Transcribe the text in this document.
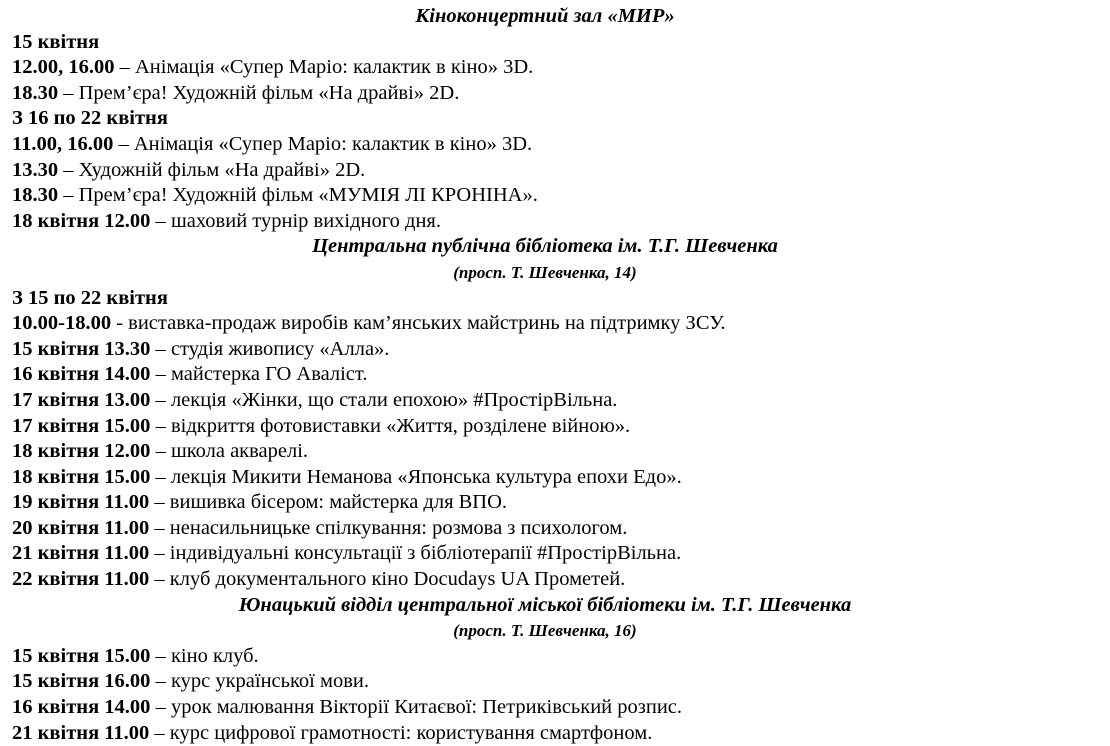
Кіноконцертний зал «МИР»
15 квітня
12.00, 16.00 – Анімація «Супер Маріо: калактик в кіно» 3D.
18.30 – Прем’єра! Художній фільм «На драйві» 2D.
З 16 по 22 квітня
11.00, 16.00 – Анімація «Супер Маріо: калактик в кіно» 3D.
13.30 – Художній фільм «На драйві» 2D.
18.30 – Прем’єра! Художній фільм «МУМІЯ ЛІ КРОНІНА».
18 квітня 12.00 – шаховий турнір вихідного дня.
Центральна публічна бібліотека ім. Т.Г. Шевченка
(просп. Т. Шевченка, 14)
З 15 по 22 квітня
10.00-18.00 - виставка-продаж виробів кам’янських майстринь на підтримку ЗСУ.
15 квітня 13.30 – студія живопису «Алла».
16 квітня 14.00 – майстерка ГО Аваліст.
17 квітня 13.00 – лекція «Жінки, що стали епохою» #ПростірВільна.
17 квітня 15.00 – відкриття фотовиставки «Життя, розділене війною».
18 квітня 12.00 – школа акварелі.
18 квітня 15.00 – лекція Микити Неманова «Японська культура епохи Едо».
19 квітня 11.00 – вишивка бісером: майстерка для ВПО.
20 квітня 11.00 – ненасильницьке спілкування: розмова з психологом.
21 квітня 11.00 – індивідуальні консультації з бібліотерапії #ПростірВільна.
22 квітня 11.00 – клуб документального кіно Docudays UA Прометей.
Юнацький відділ центральної міської бібліотеки ім. Т.Г. Шевченка
(просп. Т. Шевченка, 16)
15 квітня 15.00 – кіно клуб.
15 квітня 16.00 – курс української мови.
16 квітня 14.00 – урок малювання Вікторії Китаєвої: Петриківський розпис.
21 квітня 11.00 – курс цифрової грамотності: користування смартфоном.
